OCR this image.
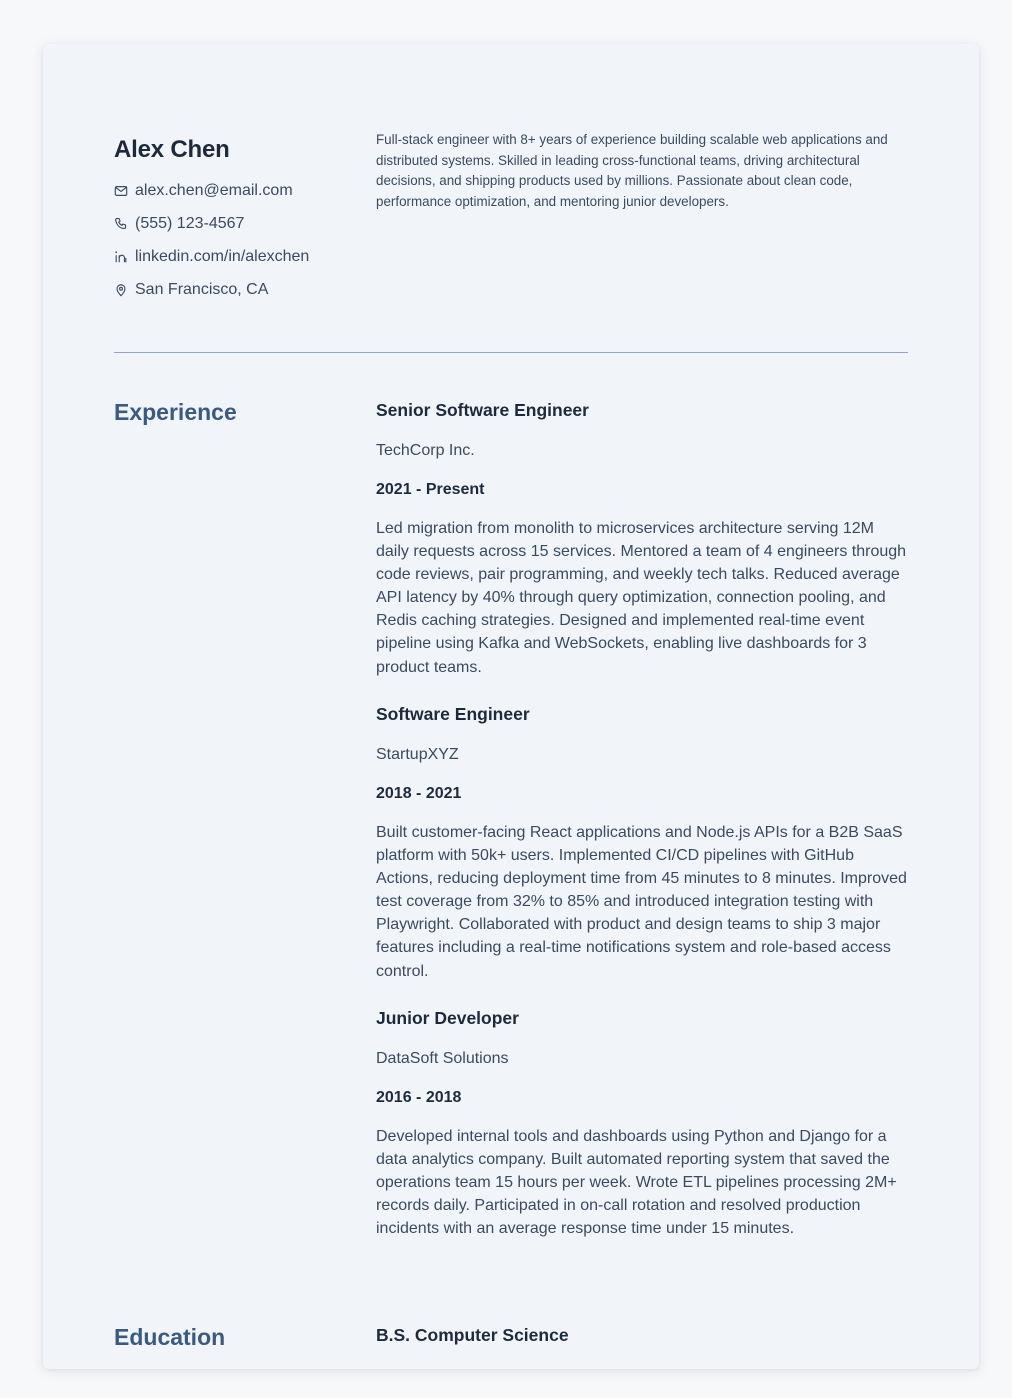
Alex Chen
alex.chen@email.com
(555) 123-4567
linkedin.com/in/alexchen
San Francisco, CA

Full-stack engineer with 8+ years of experience building scalable web applications and distributed systems. Skilled in leading cross-functional teams, driving architectural decisions, and shipping products used by millions. Passionate about clean code, performance optimization, and mentoring junior developers.

Experience	Senior Software Engineer
TechCorp Inc.
2021 - Present

Led migration from monolith to microservices architecture serving 12M daily requests across 15 services. Mentored a team of 4 engineers through code reviews, pair programming, and weekly tech talks. Reduced average API latency by 40% through query optimization, connection pooling, and Redis caching strategies. Designed and implemented real-time event pipeline using Kafka and WebSockets, enabling live dashboards for 3 product teams.

Software Engineer
StartupXYZ
2018 - 2021

Built customer-facing React applications and Node.js APIs for a B2B SaaS platform with 50k+ users. Implemented CI/CD pipelines with GitHub Actions, reducing deployment time from 45 minutes to 8 minutes. Improved test coverage from 32% to 85% and introduced integration testing with Playwright. Collaborated with product and design teams to ship 3 major features including a real-time notifications system and role-based access control.

Junior Developer
DataSoft Solutions
2016 - 2018

Developed internal tools and dashboards using Python and Django for a data analytics company. Built automated reporting system that saved the operations team 15 hours per week. Wrote ETL pipelines processing 2M+ records daily. Participated in on-call rotation and resolved production incidents with an average response time under 15 minutes.

Education	B.S. Computer Science
